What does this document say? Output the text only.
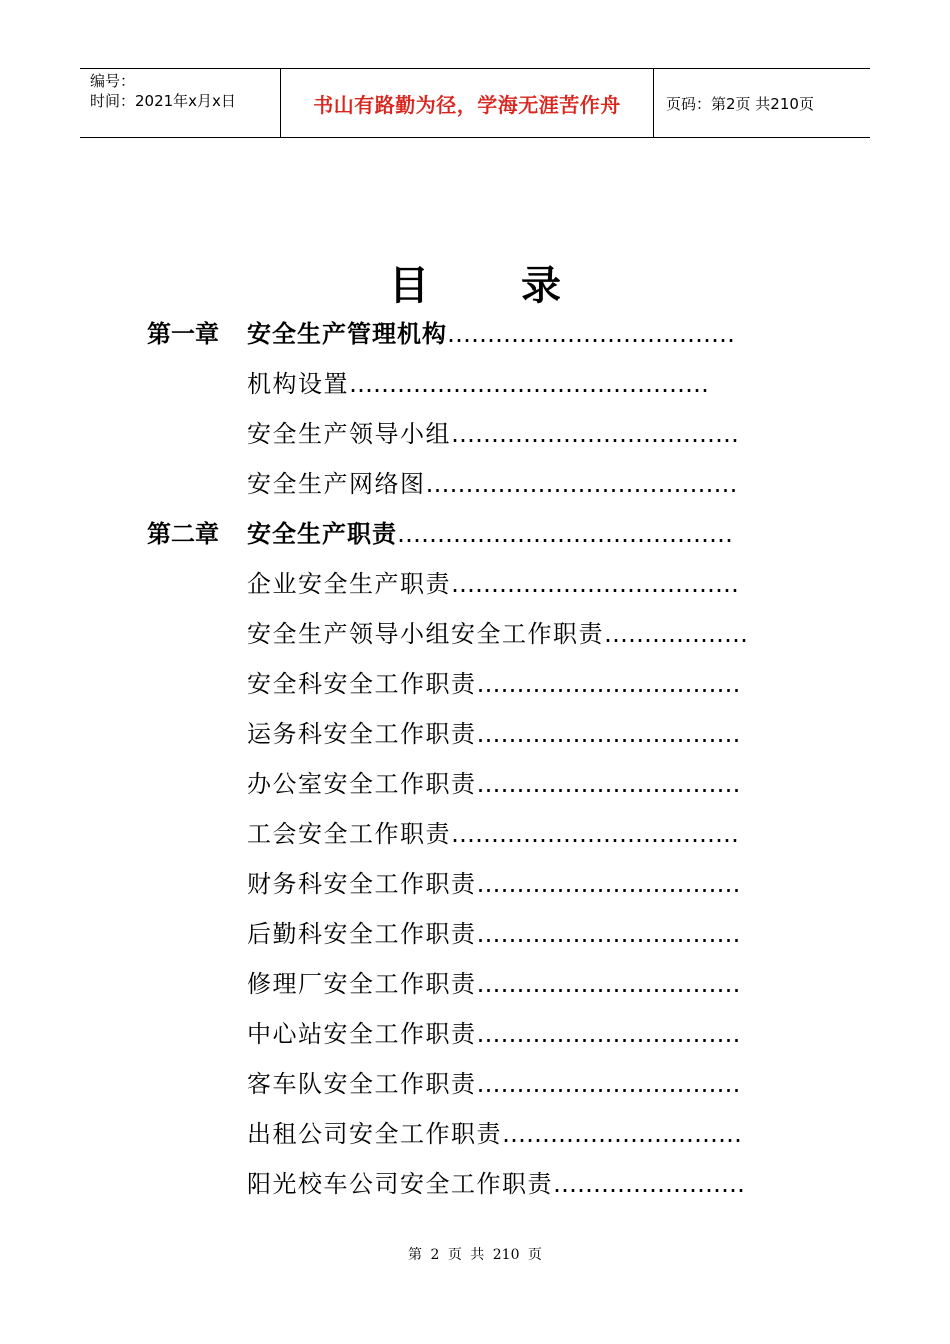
编号：
时间：2021年x月x日	书山有路勤为径，学海无涯苦作舟	页码：第2页 共210页
目录
第一章 安全生产管理机构………………………………
机构设置………………………………………
安全生产领导小组………………………………
安全生产网络图…………………………………
第二章 安全生产职责……………………………………
企业安全生产职责………………………………
安全生产领导小组安全工作职责………………
安全科安全工作职责……………………………
运务科安全工作职责……………………………
办公室安全工作职责……………………………
工会安全工作职责………………………………
财务科安全工作职责……………………………
后勤科安全工作职责……………………………
修理厂安全工作职责……………………………
中心站安全工作职责……………………………
客车队安全工作职责……………………………
出租公司安全工作职责…………………………
阳光校车公司安全工作职责……………………
第 2 页 共 210 页
